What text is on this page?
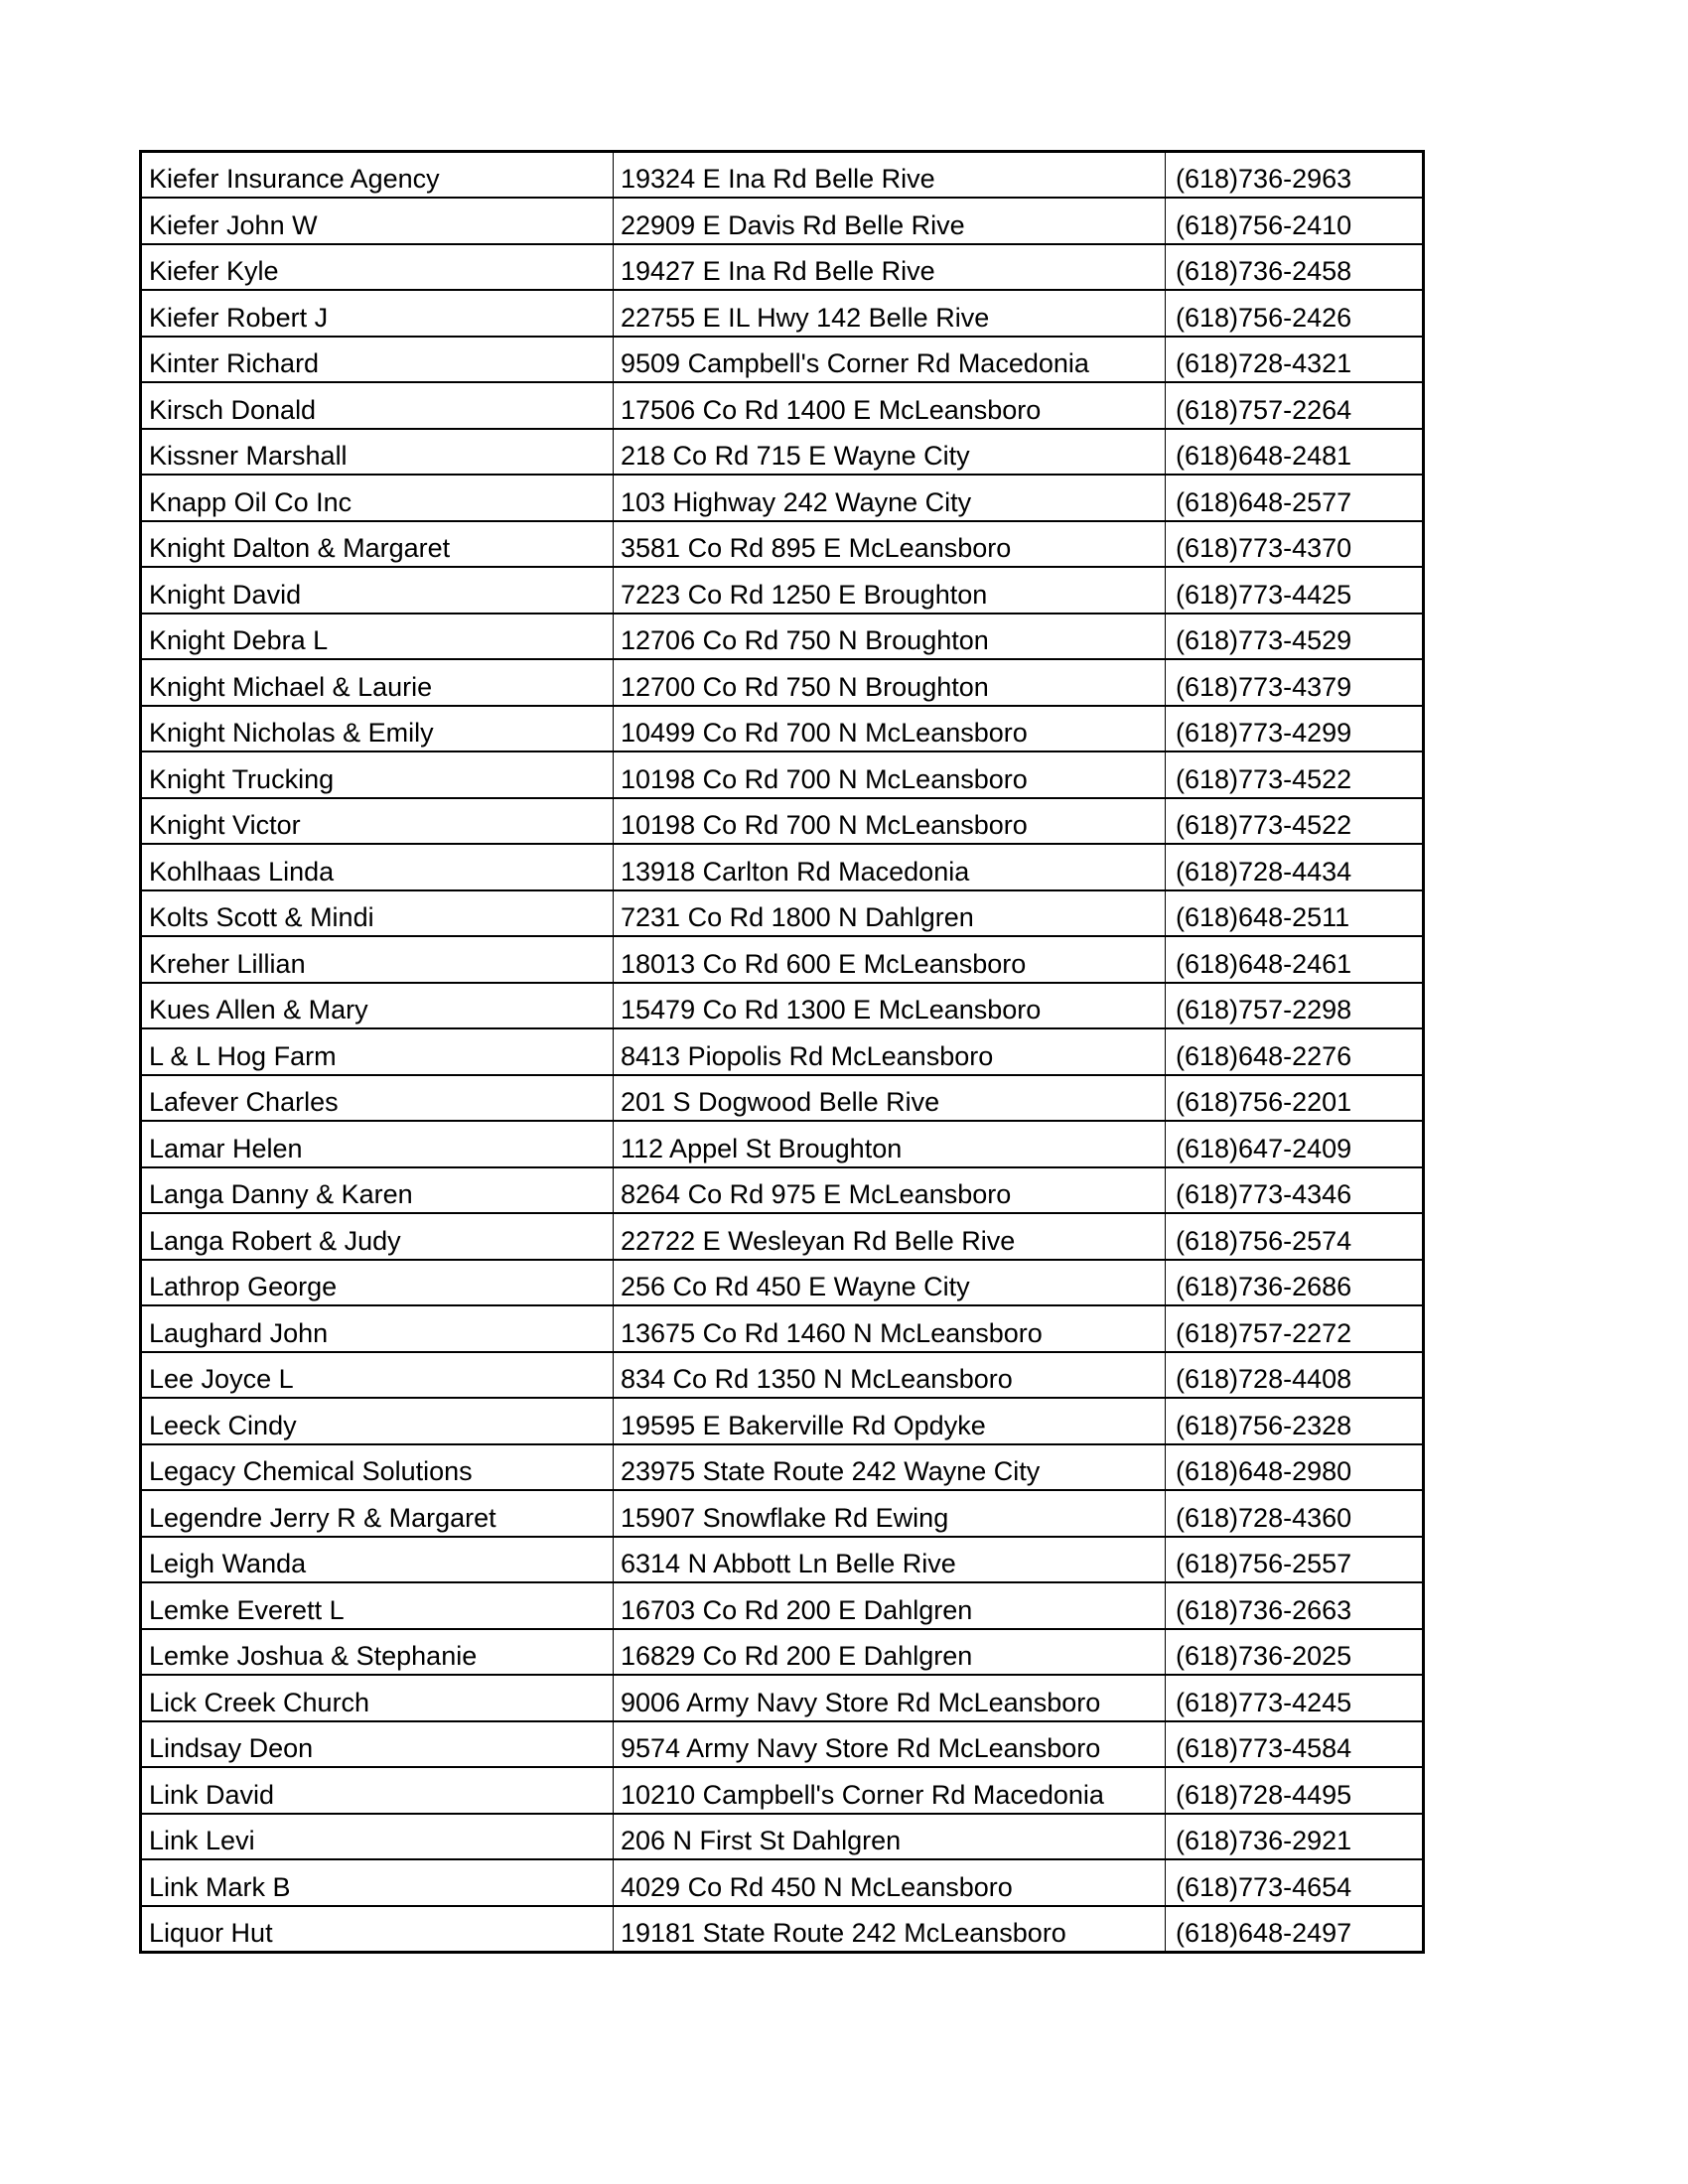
Kiefer Insurance Agency	19324 E Ina Rd Belle Rive	(618)736-2963
Kiefer John W	22909 E Davis Rd Belle Rive	(618)756-2410
Kiefer Kyle	19427 E Ina Rd Belle Rive	(618)736-2458
Kiefer Robert J	22755 E IL Hwy 142 Belle Rive	(618)756-2426
Kinter Richard	9509 Campbell's Corner Rd Macedonia	(618)728-4321
Kirsch Donald	17506 Co Rd 1400 E McLeansboro	(618)757-2264
Kissner Marshall	218 Co Rd 715 E Wayne City	(618)648-2481
Knapp Oil Co Inc	103 Highway 242 Wayne City	(618)648-2577
Knight Dalton & Margaret	3581 Co Rd 895 E McLeansboro	(618)773-4370
Knight David	7223 Co Rd 1250 E Broughton	(618)773-4425
Knight Debra L	12706 Co Rd 750 N Broughton	(618)773-4529
Knight Michael & Laurie	12700 Co Rd 750 N Broughton	(618)773-4379
Knight Nicholas & Emily	10499 Co Rd 700 N McLeansboro	(618)773-4299
Knight Trucking	10198 Co Rd 700 N McLeansboro	(618)773-4522
Knight Victor	10198 Co Rd 700 N McLeansboro	(618)773-4522
Kohlhaas Linda	13918 Carlton Rd Macedonia	(618)728-4434
Kolts Scott & Mindi	7231 Co Rd 1800 N Dahlgren	(618)648-2511
Kreher Lillian	18013 Co Rd 600 E McLeansboro	(618)648-2461
Kues Allen & Mary	15479 Co Rd 1300 E McLeansboro	(618)757-2298
L & L Hog Farm	8413 Piopolis Rd McLeansboro	(618)648-2276
Lafever Charles	201 S Dogwood Belle Rive	(618)756-2201
Lamar Helen	112 Appel St Broughton	(618)647-2409
Langa Danny & Karen	8264 Co Rd 975 E McLeansboro	(618)773-4346
Langa Robert & Judy	22722 E Wesleyan Rd Belle Rive	(618)756-2574
Lathrop George	256 Co Rd 450 E Wayne City	(618)736-2686
Laughard John	13675 Co Rd 1460 N McLeansboro	(618)757-2272
Lee Joyce L	834 Co Rd 1350 N McLeansboro	(618)728-4408
Leeck Cindy	19595 E Bakerville Rd Opdyke	(618)756-2328
Legacy Chemical Solutions	23975 State Route 242 Wayne City	(618)648-2980
Legendre Jerry R & Margaret	15907 Snowflake Rd Ewing	(618)728-4360
Leigh Wanda	6314 N Abbott Ln Belle Rive	(618)756-2557
Lemke Everett L	16703 Co Rd 200 E Dahlgren	(618)736-2663
Lemke Joshua & Stephanie	16829 Co Rd 200 E Dahlgren	(618)736-2025
Lick Creek Church	9006 Army Navy Store Rd McLeansboro	(618)773-4245
Lindsay Deon	9574 Army Navy Store Rd McLeansboro	(618)773-4584
Link David	10210 Campbell's Corner Rd Macedonia	(618)728-4495
Link Levi	206 N First St Dahlgren	(618)736-2921
Link Mark B	4029 Co Rd 450 N McLeansboro	(618)773-4654
Liquor Hut	19181 State Route 242 McLeansboro	(618)648-2497
